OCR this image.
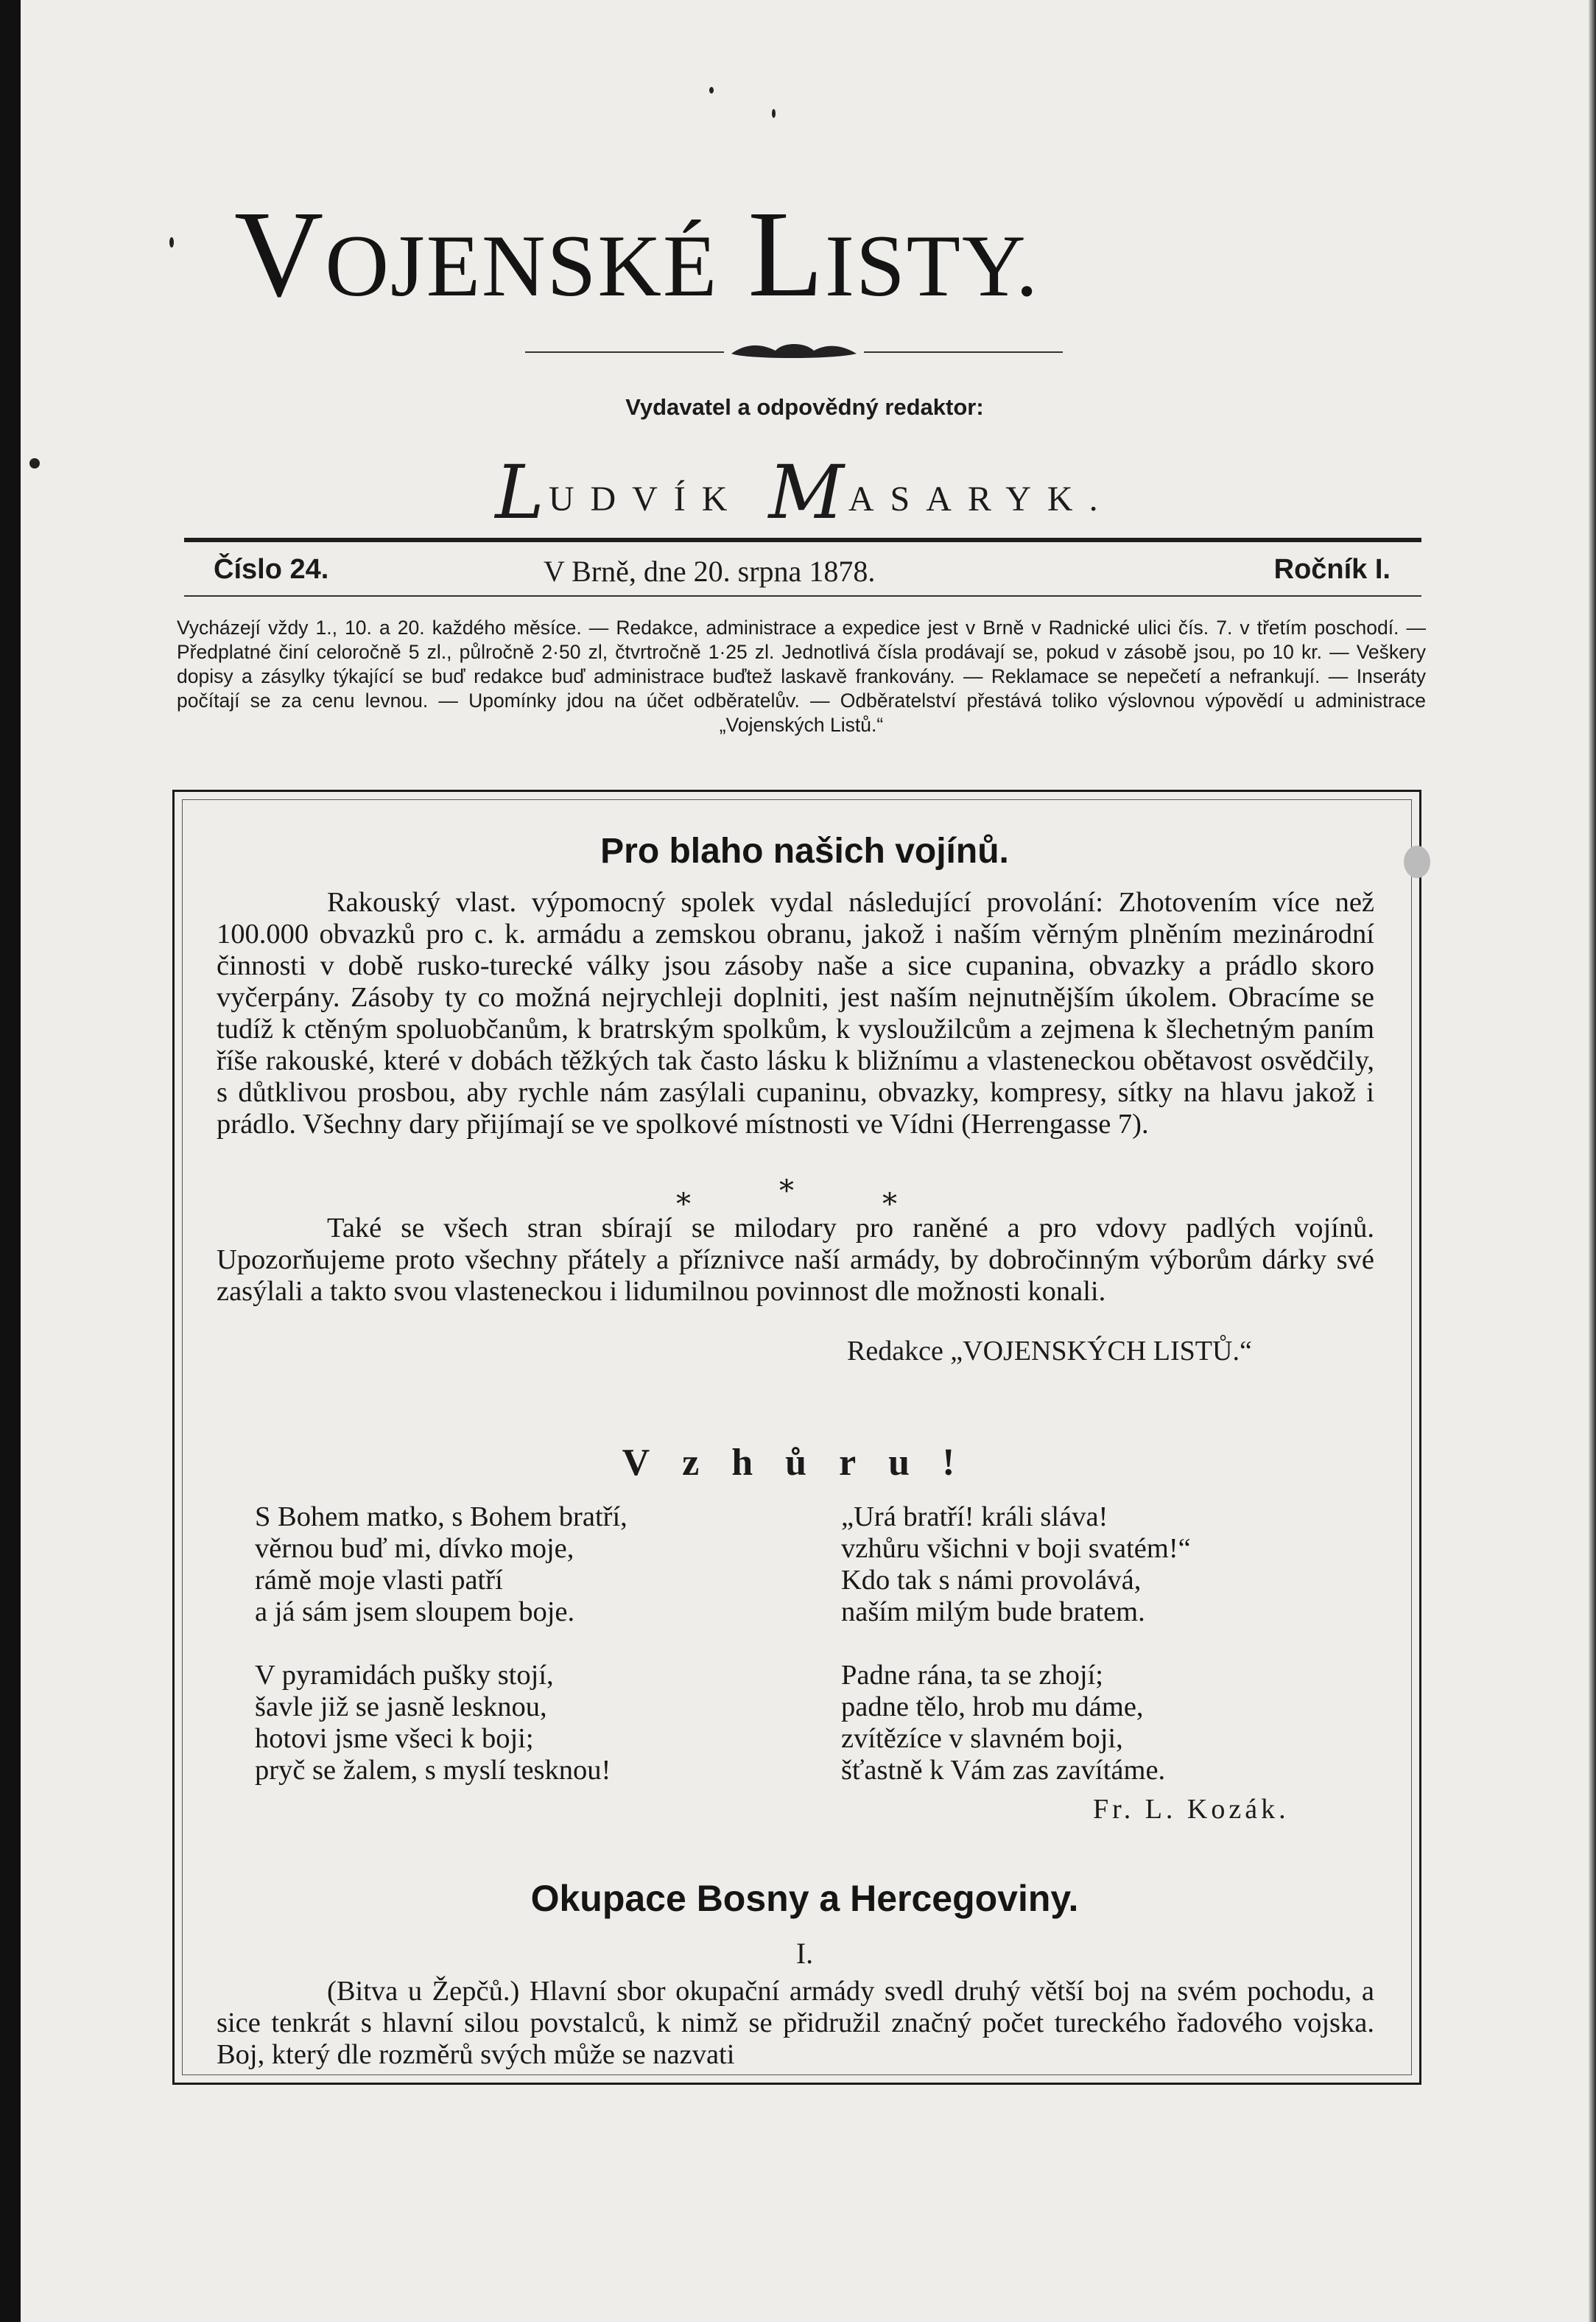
VOJENSKÉ LISTY.
Vydavatel a odpovědný redaktor:
LUDVÍK MASARYK.
Číslo 24.	V Brně, dne 20. srpna 1878.	Ročník I.
Vycházejí vždy 1., 10. a 20. každého měsíce. — Redakce, administrace a expedice jest v Brně v Radnické ulici čís. 7. v třetím poschodí. — Předplatné činí celoročně 5 zl., půlročně 2·50 zl, čtvrtročně 1·25 zl. Jednotlivá čísla prodávají se, pokud v zásobě jsou, po 10 kr. — Veškery dopisy a zásylky týkající se buď redakce buď administrace buďtež laskavě frankovány. — Reklamace se nepečetí a nefrankují. — Inseráty počítají se za cenu levnou. — Upomínky jdou na účet odběratelův. — Odběratelství přestává toliko výslovnou výpovědí u administrace „Vojenských Listů.“
Pro blaho našich vojínů.

Rakouský vlast. výpomocný spolek vydal následující provolání: Zhotovením více než 100.000 obvazků pro c. k. armádu a zemskou obranu, jakož i naším věrným plněním mezinárodní činnosti v době rusko-turecké války jsou zásoby naše a sice cupanina, obvazky a prádlo skoro vyčerpány. Zásoby ty co možná nejrychleji doplniti, jest naším nejnutnějším úkolem. Obracíme se tudíž k ctěným spoluobčanům, k bratrským spolkům, k vysloužilcům a zejmena k šlechetným paním říše rakouské, které v dobách těžkých tak často lásku k bližnímu a vlasteneckou obětavost osvědčily, s důtklivou prosbou, aby rychle nám zasýlali cupaninu, obvazky, kompresy, sítky na hlavu jakož i prádlo. Všechny dary přijímají se ve spolkové místnosti ve Vídni (Herrengasse 7).

*	*	*

Také se všech stran sbírají se milodary pro raněné a pro vdovy padlých vojínů. Upozorňujeme proto všechny přátely a příznivce naší armády, by dobročinným výborům dárky své zasýlali a takto svou vlasteneckou i lidumilnou povinnost dle možnosti konali.

Redakce „VOJENSKÝCH LISTŮ.“
Vzhůru!
S Bohem matko, s Bohem bratří,
věrnou buď mi, dívko moje,
rámě moje vlasti patří
a já sám jsem sloupem boje.
V pyramidách pušky stojí,
šavle již se jasně lesknou,
hotovi jsme všeci k boji;
pryč se žalem, s myslí tesknou!
„Urá bratří! králi sláva!
vzhůru všichni v boji svatém!“
Kdo tak s námi provolává,
naším milým bude bratem.
Padne rána, ta se zhojí;
padne tělo, hrob mu dáme,
zvítězíce v slavném boji,
šťastně k Vám zas zavítáme.
Fr. L. Kozák.
Okupace Bosny a Hercegoviny.
I.

(Bitva u Žepčů.) Hlavní sbor okupační armády svedl druhý větší boj na svém pochodu, a sice tenkrát s hlavní silou povstalců, k nimž se přidružil značný počet tureckého řadového vojska. Boj, který dle rozměrů svých může se nazvati
